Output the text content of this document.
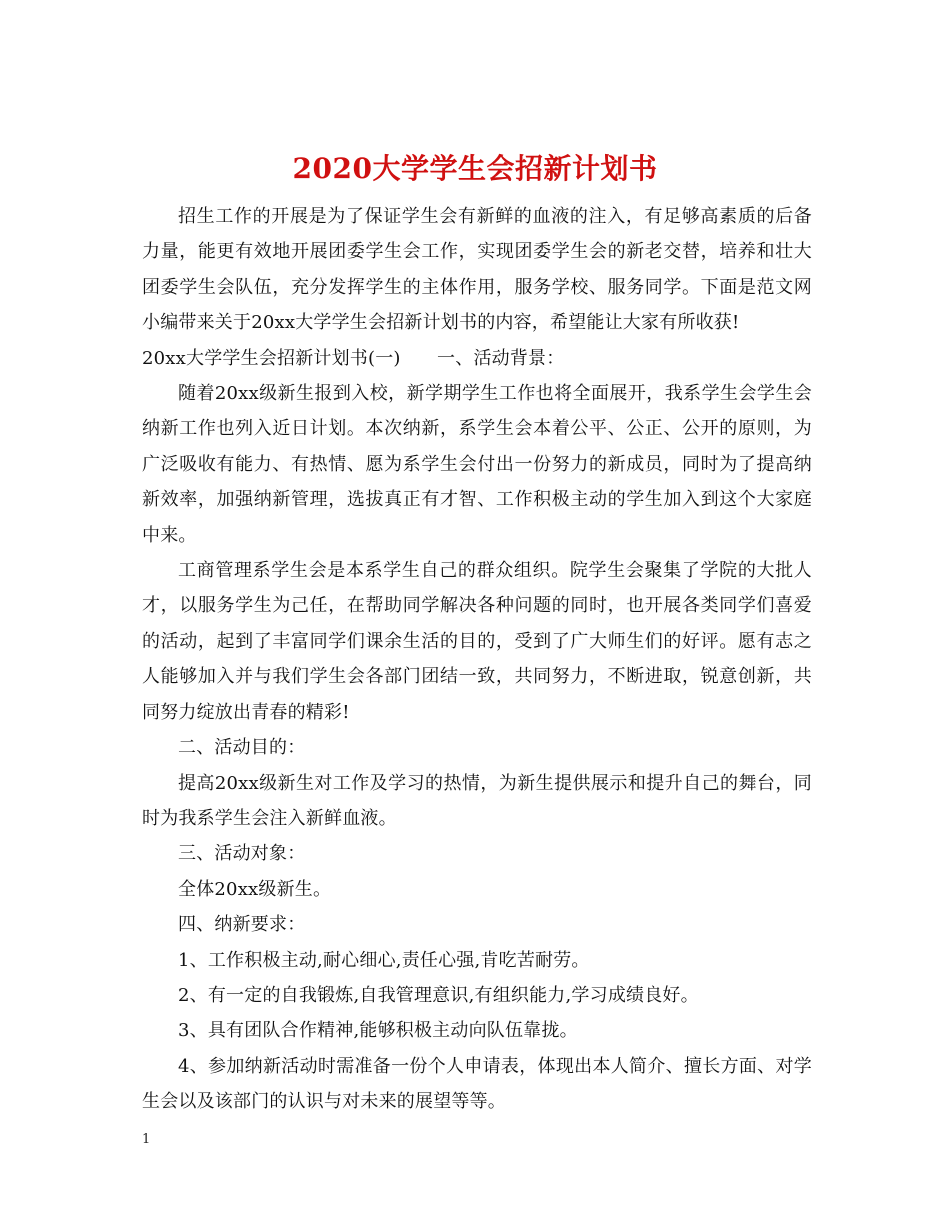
2020大学学生会招新计划书

招生工作的开展是为了保证学生会有新鲜的血液的注入，有足够高素质的后备力量，能更有效地开展团委学生会工作，实现团委学生会的新老交替，培养和壮大团委学生会队伍，充分发挥学生的主体作用，服务学校、服务同学。下面是范文网小编带来关于20xx大学学生会招新计划书的内容，希望能让大家有所收获!

20xx大学学生会招新计划书(一)　　一、活动背景：

随着20xx级新生报到入校，新学期学生工作也将全面展开，我系学生会学生会纳新工作也列入近日计划。本次纳新，系学生会本着公平、公正、公开的原则，为广泛吸收有能力、有热情、愿为系学生会付出一份努力的新成员，同时为了提高纳新效率，加强纳新管理，选拔真正有才智、工作积极主动的学生加入到这个大家庭中来。

工商管理系学生会是本系学生自己的群众组织。院学生会聚集了学院的大批人才，以服务学生为己任，在帮助同学解决各种问题的同时，也开展各类同学们喜爱的活动，起到了丰富同学们课余生活的目的，受到了广大师生们的好评。愿有志之人能够加入并与我们学生会各部门团结一致，共同努力，不断进取，锐意创新，共同努力绽放出青春的精彩!

二、活动目的：

提高20xx级新生对工作及学习的热情，为新生提供展示和提升自己的舞台，同时为我系学生会注入新鲜血液。

三、活动对象：

全体20xx级新生。

四、纳新要求：

1、工作积极主动,耐心细心,责任心强,肯吃苦耐劳。

2、有一定的自我锻炼,自我管理意识,有组织能力,学习成绩良好。

3、具有团队合作精神,能够积极主动向队伍靠拢。

4、参加纳新活动时需准备一份个人申请表，体现出本人简介、擅长方面、对学生会以及该部门的认识与对未来的展望等等。

1
